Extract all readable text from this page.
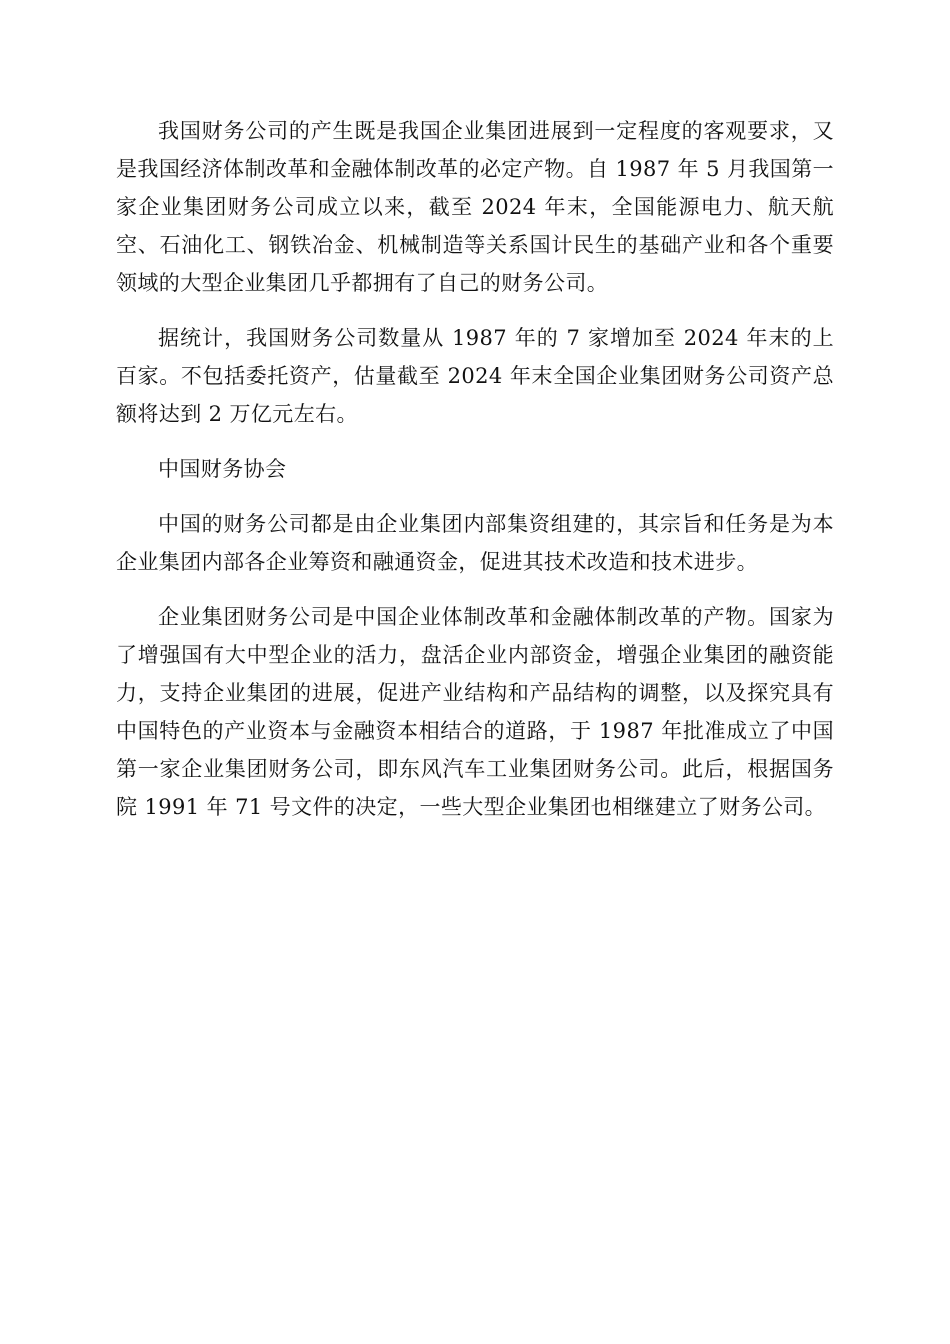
我国财务公司的产生既是我国企业集团进展到一定程度的客观要求，又是我国经济体制改革和金融体制改革的必定产物。自 1987 年 5 月我国第一家企业集团财务公司成立以来，截至 2024 年末，全国能源电力、航天航空、石油化工、钢铁冶金、机械制造等关系国计民生的基础产业和各个重要领域的大型企业集团几乎都拥有了自己的财务公司。

据统计，我国财务公司数量从 1987 年的 7 家增加至 2024 年末的上百家。不包括委托资产，估量截至 2024 年末全国企业集团财务公司资产总额将达到 2 万亿元左右。

中国财务协会

中国的财务公司都是由企业集团内部集资组建的，其宗旨和任务是为本企业集团内部各企业筹资和融通资金，促进其技术改造和技术进步。

企业集团财务公司是中国企业体制改革和金融体制改革的产物。国家为了增强国有大中型企业的活力，盘活企业内部资金，增强企业集团的融资能力，支持企业集团的进展，促进产业结构和产品结构的调整，以及探究具有中国特色的产业资本与金融资本相结合的道路，于 1987 年批准成立了中国第一家企业集团财务公司，即东风汽车工业集团财务公司。此后，根据国务院 1991 年 71 号文件的决定，一些大型企业集团也相继建立了财务公司。
